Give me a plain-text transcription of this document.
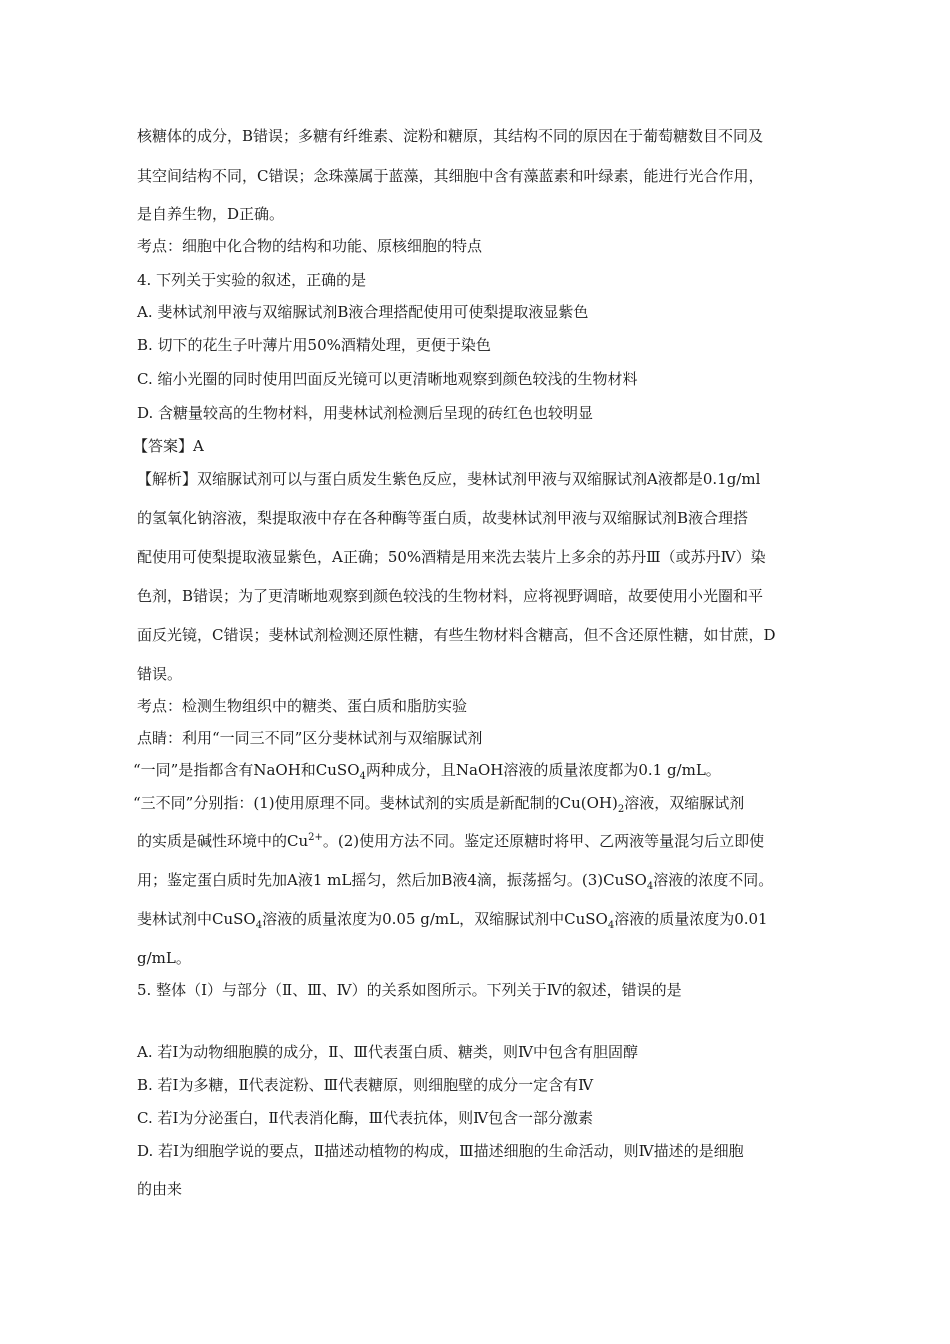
核糖体的成分，B错误；多糖有纤维素、淀粉和糖原，其结构不同的原因在于葡萄糖数目不同及

其空间结构不同，C错误；念珠藻属于蓝藻，其细胞中含有藻蓝素和叶绿素，能进行光合作用，

是自养生物，D正确。

考点：细胞中化合物的结构和功能、原核细胞的特点

4. 下列关于实验的叙述，正确的是

A. 斐林试剂甲液与双缩脲试剂B液合理搭配使用可使梨提取液显紫色

B. 切下的花生子叶薄片用50%酒精处理，更便于染色

C. 缩小光圈的同时使用凹面反光镜可以更清晰地观察到颜色较浅的生物材料

D. 含糖量较高的生物材料，用斐林试剂检测后呈现的砖红色也较明显

【答案】A

【解析】双缩脲试剂可以与蛋白质发生紫色反应，斐林试剂甲液与双缩脲试剂A液都是0.1g/ml

的氢氧化钠溶液，梨提取液中存在各种酶等蛋白质，故斐林试剂甲液与双缩脲试剂B液合理搭

配使用可使梨提取液显紫色，A正确；50%酒精是用来洗去装片上多余的苏丹Ⅲ（或苏丹Ⅳ）染

色剂，B错误；为了更清晰地观察到颜色较浅的生物材料，应将视野调暗，故要使用小光圈和平

面反光镜，C错误；斐林试剂检测还原性糖，有些生物材料含糖高，但不含还原性糖，如甘蔗，D

错误。

考点：检测生物组织中的糖类、蛋白质和脂肪实验

点睛：利用“一同三不同”区分斐林试剂与双缩脲试剂

“一同”是指都含有NaOH和CuSO$_4$两种成分，且NaOH溶液的质量浓度都为0.1 g/mL。

“三不同”分别指：(1)使用原理不同。斐林试剂的实质是新配制的$Cu(OH)_2$溶液，双缩脲试剂

的实质是碱性环境中的$Cu^{2+}$。(2)使用方法不同。鉴定还原糖时将甲、乙两液等量混匀后立即使

用；鉴定蛋白质时先加A液1 mL摇匀，然后加B液4滴，振荡摇匀。(3)CuSO$_4$溶液的浓度不同。

斐林试剂中CuSO$_4$溶液的质量浓度为0.05 g/mL，双缩脲试剂中CuSO$_4$溶液的质量浓度为0.01

g/mL。

5. 整体（Ⅰ）与部分（Ⅱ、Ⅲ、Ⅳ）的关系如图所示。下列关于Ⅳ的叙述，错误的是

A. 若Ⅰ为动物细胞膜的成分，Ⅱ、Ⅲ代表蛋白质、糖类，则Ⅳ中包含有胆固醇

B. 若Ⅰ为多糖，Ⅱ代表淀粉、Ⅲ代表糖原，则细胞壁的成分一定含有Ⅳ

C. 若Ⅰ为分泌蛋白，Ⅱ代表消化酶，Ⅲ代表抗体，则Ⅳ包含一部分激素

D. 若Ⅰ为细胞学说的要点，Ⅱ描述动植物的构成，Ⅲ描述细胞的生命活动，则Ⅳ描述的是细胞

的由来
